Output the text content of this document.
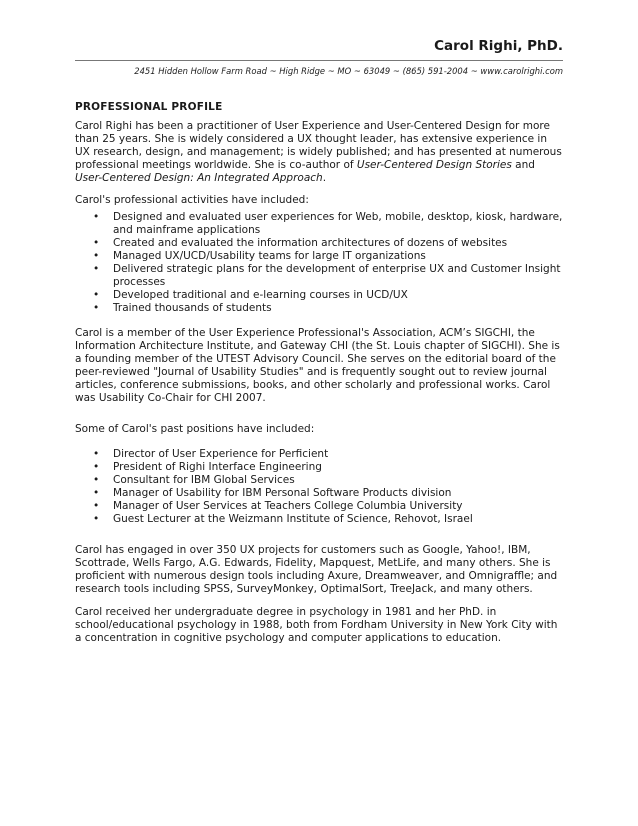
Carol Righi, PhD.
2451 Hidden Hollow Farm Road ~ High Ridge ~ MO ~ 63049 ~ (865) 591-2004 ~ www.carolrighi.com
PROFESSIONAL PROFILE

Carol Righi has been a practitioner of User Experience and User-Centered Design for more than 25 years. She is widely considered a UX thought leader, has extensive experience in UX research, design, and management; is widely published; and has presented at numerous professional meetings worldwide. She is co-author of User-Centered Design Stories and User-Centered Design: An Integrated Approach.

Carol's professional activities have included:

• Designed and evaluated user experiences for Web, mobile, desktop, kiosk, hardware, and mainframe applications
• Created and evaluated the information architectures of dozens of websites
• Managed UX/UCD/Usability teams for large IT organizations
• Delivered strategic plans for the development of enterprise UX and Customer Insight processes
• Developed traditional and e-learning courses in UCD/UX
• Trained thousands of students

Carol is a member of the User Experience Professional's Association, ACM’s SIGCHI, the Information Architecture Institute, and Gateway CHI (the St. Louis chapter of SIGCHI). She is a founding member of the UTEST Advisory Council. She serves on the editorial board of the peer-reviewed "Journal of Usability Studies" and is frequently sought out to review journal articles, conference submissions, books, and other scholarly and professional works. Carol was Usability Co-Chair for CHI 2007.

Some of Carol's past positions have included:

• Director of User Experience for Perficient
• President of Righi Interface Engineering
• Consultant for IBM Global Services
• Manager of Usability for IBM Personal Software Products division
• Manager of User Services at Teachers College Columbia University
• Guest Lecturer at the Weizmann Institute of Science, Rehovot, Israel

Carol has engaged in over 350 UX projects for customers such as Google, Yahoo!, IBM, Scottrade, Wells Fargo, A.G. Edwards, Fidelity, Mapquest, MetLife, and many others. She is proficient with numerous design tools including Axure, Dreamweaver, and Omnigraffle; and research tools including SPSS, SurveyMonkey, OptimalSort, TreeJack, and many others.

Carol received her undergraduate degree in psychology in 1981 and her PhD. in school/educational psychology in 1988, both from Fordham University in New York City with a concentration in cognitive psychology and computer applications to education.
